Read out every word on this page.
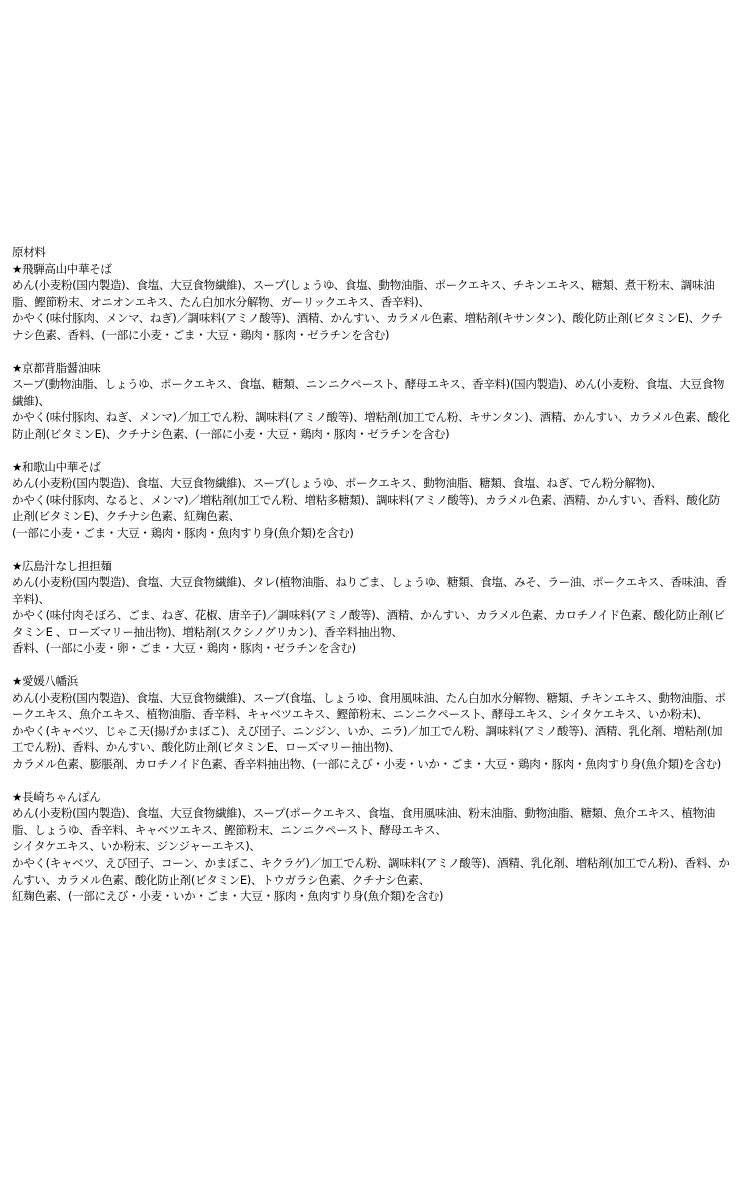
原材料
★飛騨高山中華そば
めん(小麦粉(国内製造)、食塩、大豆食物繊維)、スープ(しょうゆ、食塩、動物油脂、ポークエキス、チキンエキス、糖類、煮干粉末、調味油脂、鰹節粉末、オニオンエキス、たん白加水分解物、ガーリックエキス、香辛料)、
かやく(味付豚肉、メンマ、ねぎ)／調味料(アミノ酸等)、酒精、かんすい、カラメル色素、増粘剤(キサンタン)、酸化防止剤(ビタミンE)、クチナシ色素、香料、(一部に小麦・ごま・大豆・鶏肉・豚肉・ゼラチンを含む)
★京都背脂醤油味
スープ(動物油脂、しょうゆ、ポークエキス、食塩、糖類、ニンニクペースト、酵母エキス、香辛料)(国内製造)、めん(小麦粉、食塩、大豆食物繊維)、
かやく(味付豚肉、ねぎ、メンマ)／加工でん粉、調味料(アミノ酸等)、増粘剤(加工でん粉、キサンタン)、酒精、かんすい、カラメル色素、酸化防止剤(ビタミンE)、クチナシ色素、(一部に小麦・大豆・鶏肉・豚肉・ゼラチンを含む)
★和歌山中華そば
めん(小麦粉(国内製造)、食塩、大豆食物繊維)、スープ(しょうゆ、ポークエキス、動物油脂、糖類、食塩、ねぎ、でん粉分解物)、
かやく(味付豚肉、なると、メンマ)／増粘剤(加工でん粉、増粘多糖類)、調味料(アミノ酸等)、カラメル色素、酒精、かんすい、香料、酸化防止剤(ビタミンE)、クチナシ色素、紅麹色素、
(一部に小麦・ごま・大豆・鶏肉・豚肉・魚肉すり身(魚介類)を含む)
★広島汁なし担担麺
めん(小麦粉(国内製造)、食塩、大豆食物繊維)、タレ(植物油脂、ねりごま、しょうゆ、糖類、食塩、みそ、ラー油、ポークエキス、香味油、香辛料)、
かやく(味付肉そぼろ、ごま、ねぎ、花椒、唐辛子)／調味料(アミノ酸等)、酒精、かんすい、カラメル色素、カロチノイド色素、酸化防止剤(ビタミンE 、ローズマリー抽出物)、増粘剤(スクシノグリカン)、香辛料抽出物、
香料、(一部に小麦・卵・ごま・大豆・鶏肉・豚肉・ゼラチンを含む)
★愛媛八幡浜
めん(小麦粉(国内製造)、食塩、大豆食物繊維)、スープ(食塩、しょうゆ、食用風味油、たん白加水分解物、糖類、チキンエキス、動物油脂、ポークエキス、魚介エキス、植物油脂、香辛料、キャベツエキス、鰹節粉末、ニンニクペースト、酵母エキス、シイタケエキス、いか粉末)、
かやく(キャベツ、じゃこ天(揚げかまぼこ)、えび団子、ニンジン、いか、ニラ)／加工でん粉、調味料(アミノ酸等)、酒精、乳化剤、増粘剤(加工でん粉)、香料、かんすい、酸化防止剤(ビタミンE、ローズマリー抽出物)、
カラメル色素、膨脹剤、カロチノイド色素、香辛料抽出物、(一部にえび・小麦・いか・ごま・大豆・鶏肉・豚肉・魚肉すり身(魚介類)を含む)
★長崎ちゃんぽん
めん(小麦粉(国内製造)、食塩、大豆食物繊維)、スープ(ポークエキス、食塩、食用風味油、粉末油脂、動物油脂、糖類、魚介エキス、植物油脂、しょうゆ、香辛料、キャベツエキス、鰹節粉末、ニンニクペースト、酵母エキス、
シイタケエキス、いか粉末、ジンジャーエキス)、
かやく(キャベツ、えび団子、コーン、かまぼこ、キクラゲ)／加工でん粉、調味料(アミノ酸等)、酒精、乳化剤、増粘剤(加工でん粉)、香料、かんすい、カラメル色素、酸化防止剤(ビタミンE)、トウガラシ色素、クチナシ色素、
紅麹色素、(一部にえび・小麦・いか・ごま・大豆・豚肉・魚肉すり身(魚介類)を含む)
